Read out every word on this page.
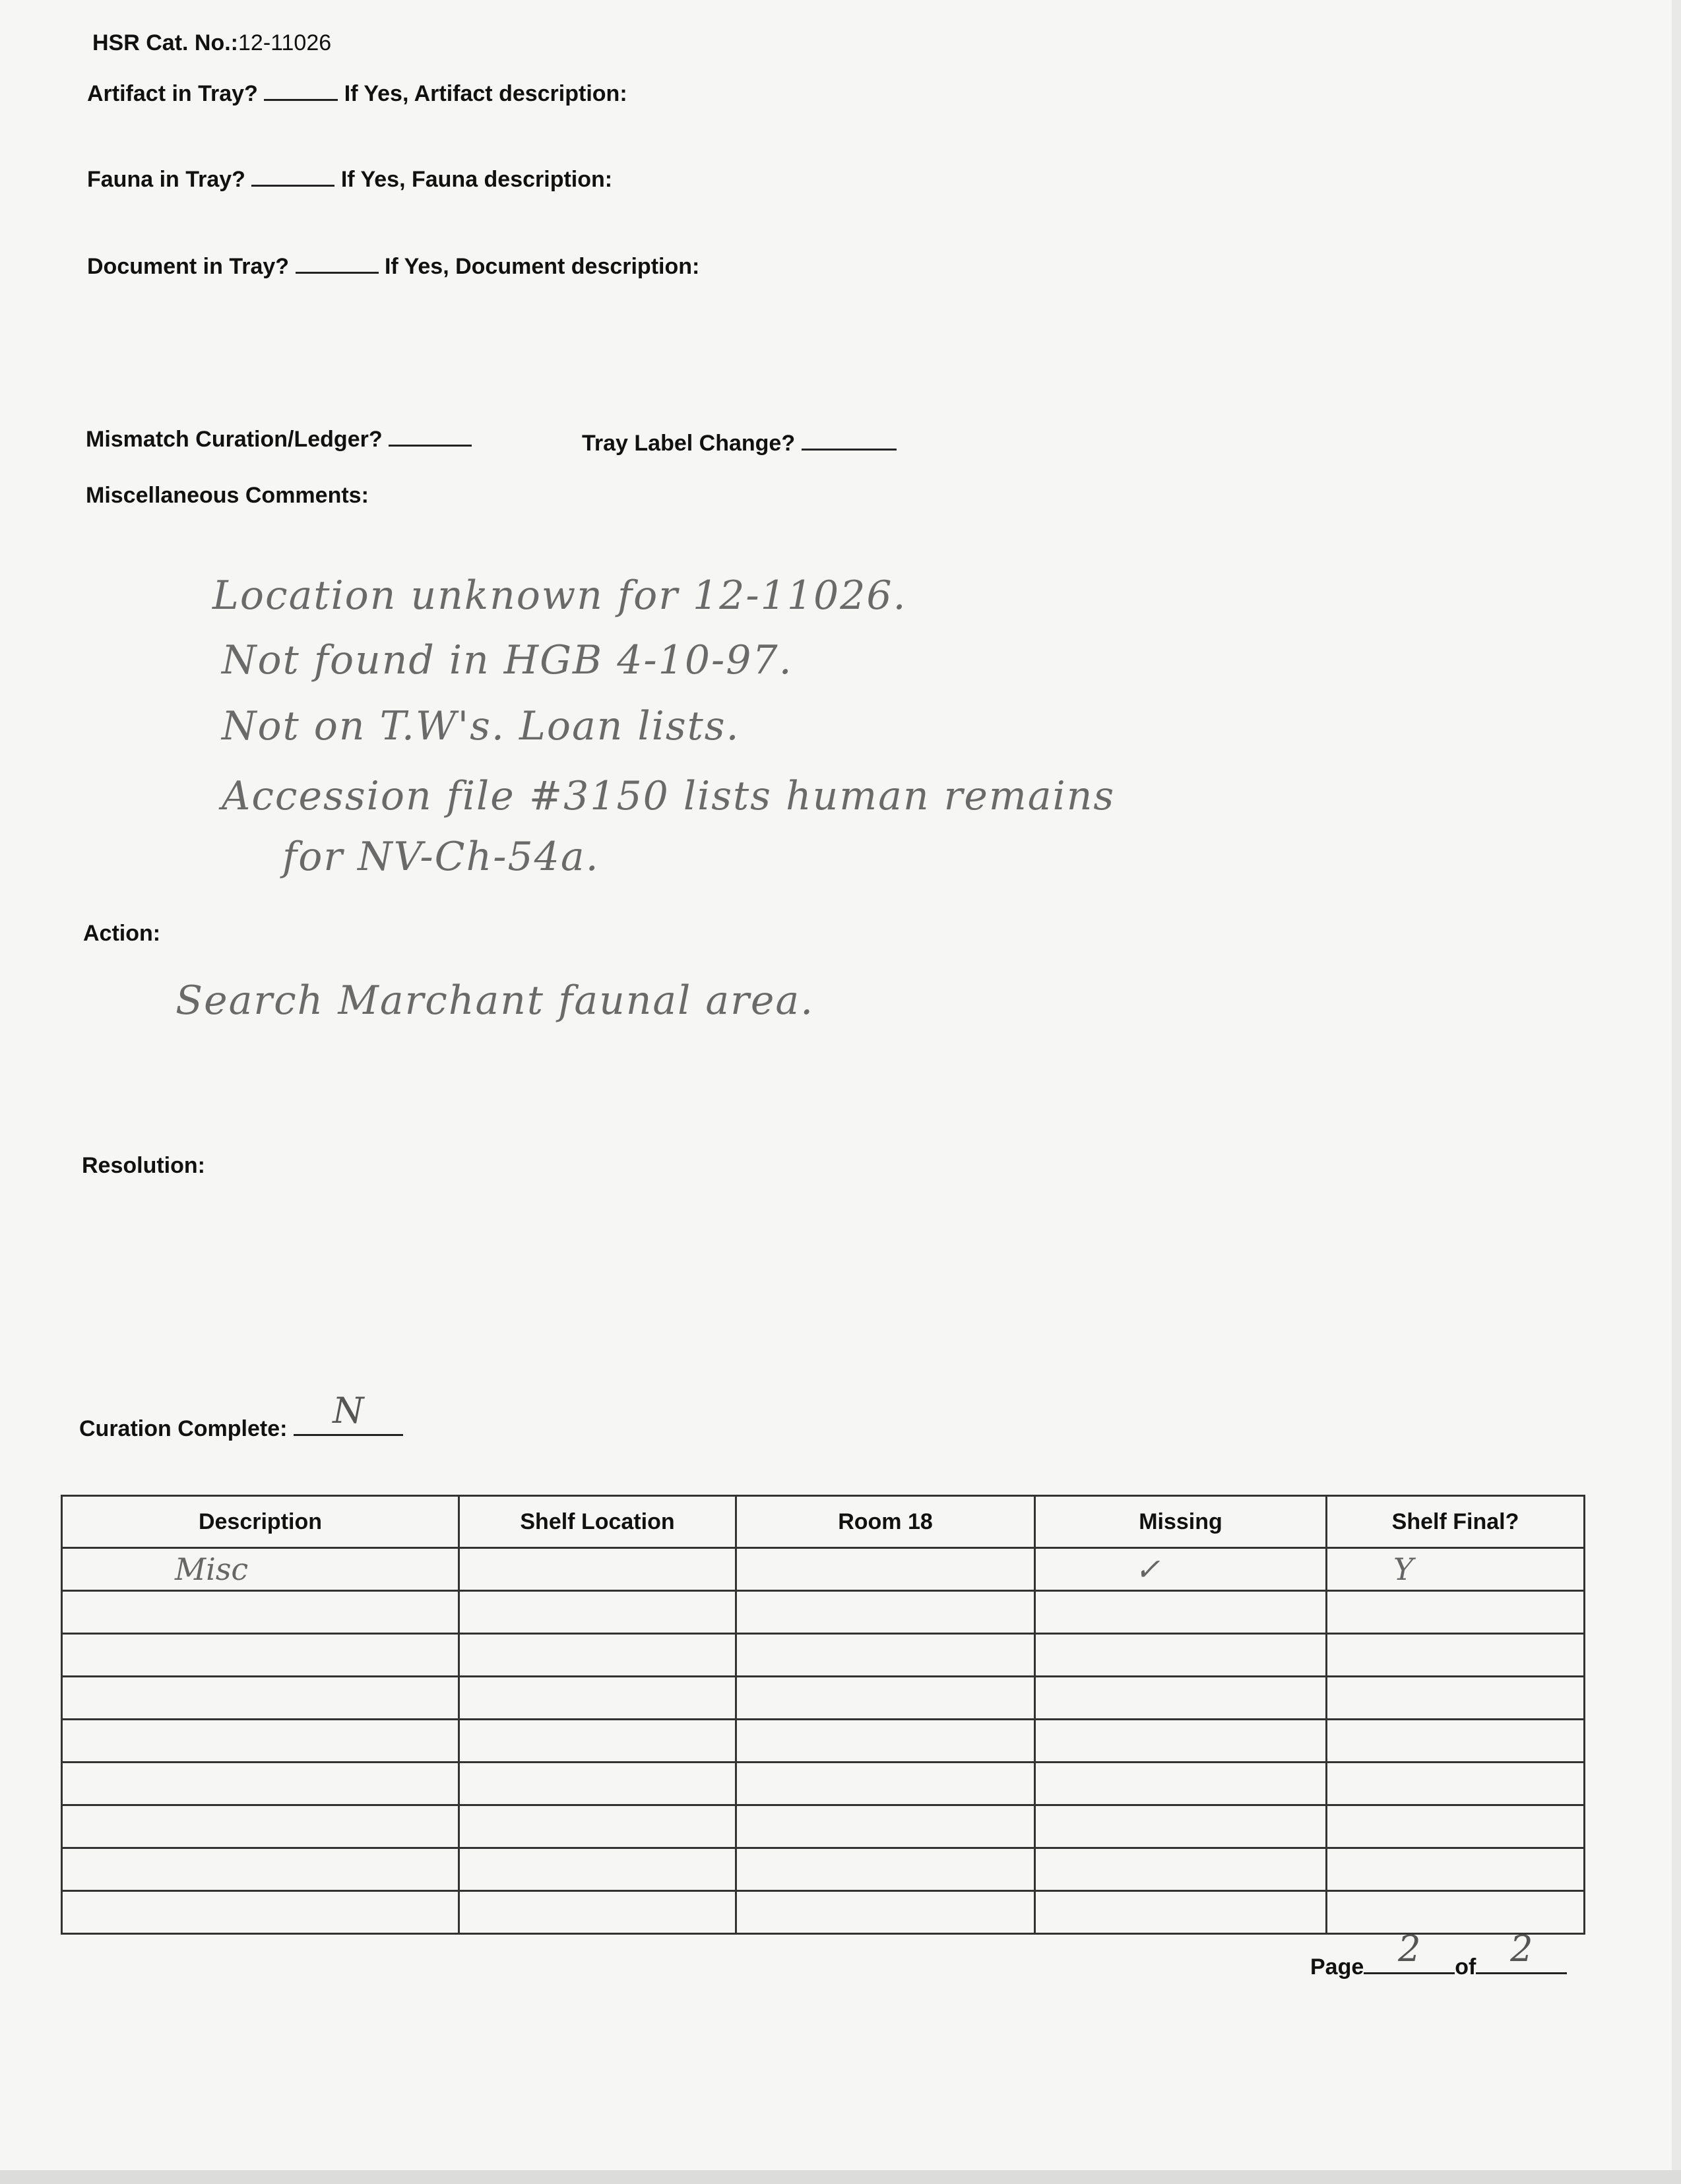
HSR Cat. No.:12-11026
Artifact in Tray?	If Yes, Artifact description:
Fauna in Tray?	If Yes, Fauna description:
Document in Tray?	If Yes, Document description:
Mismatch Curation/Ledger?	Tray Label Change?
Miscellaneous Comments:
Location unknown for 12-11026.
Not found in HGB 4-10-97.
Not on T.W's. Loan lists.
Accession file #3150 lists human remains
for NV-Ch-54a.
Action:
Search Marchant faunal area.
Resolution:
Curation Complete:	N
Description	Shelf Location	Room 18	Missing	Shelf Final?

Misc			✓	Y

Page 2	of 2
